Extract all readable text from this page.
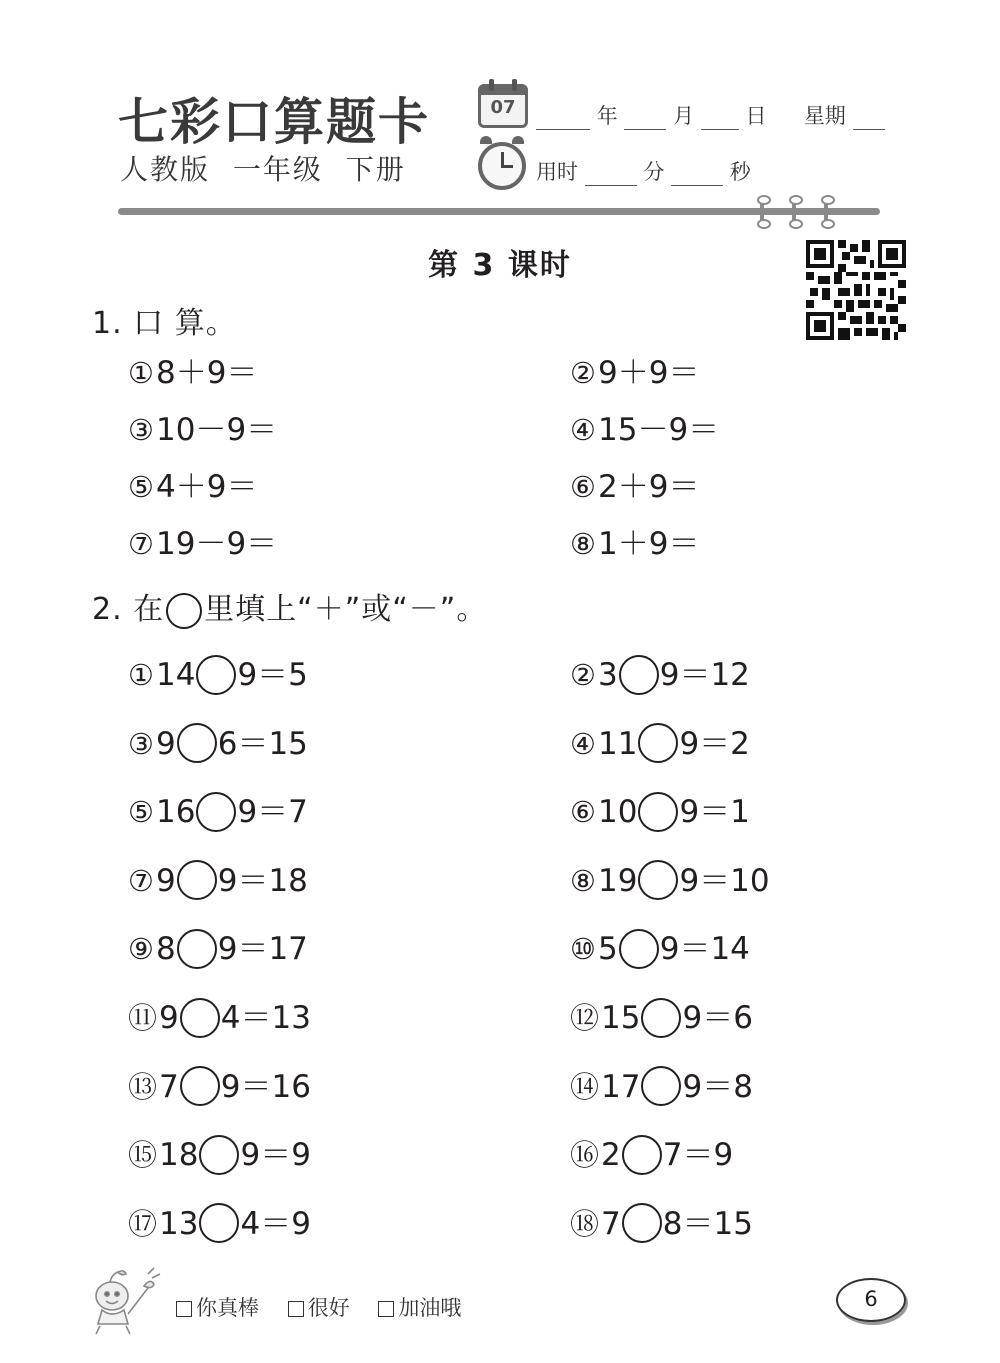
七彩口算题卡
人教版 一年级 下册
07	年	月 日 星期
用时	分	秒
第 3 课时
1. 口 算。
①8＋9＝	②9＋9＝
③10－9＝	④15－9＝
⑤4＋9＝	⑥2＋9＝
⑦19－9＝	⑧1＋9＝
2. 在 里填上“＋”或“－”。
①14 9＝5	②3 9＝12
③9 6＝15	④11 9＝2
⑤16 9＝7	⑥10 9＝1
⑦9 9＝18	⑧19 9＝10
⑨8 9＝17	⑩5 9＝14
⑪9 4＝13	⑫15 9＝6
⑬7 9＝16	⑭17 9＝8
⑮18 9＝9	⑯2 7＝9
⑰13 4＝9	⑱7 8＝15
你真棒 很好 加油哦	6
